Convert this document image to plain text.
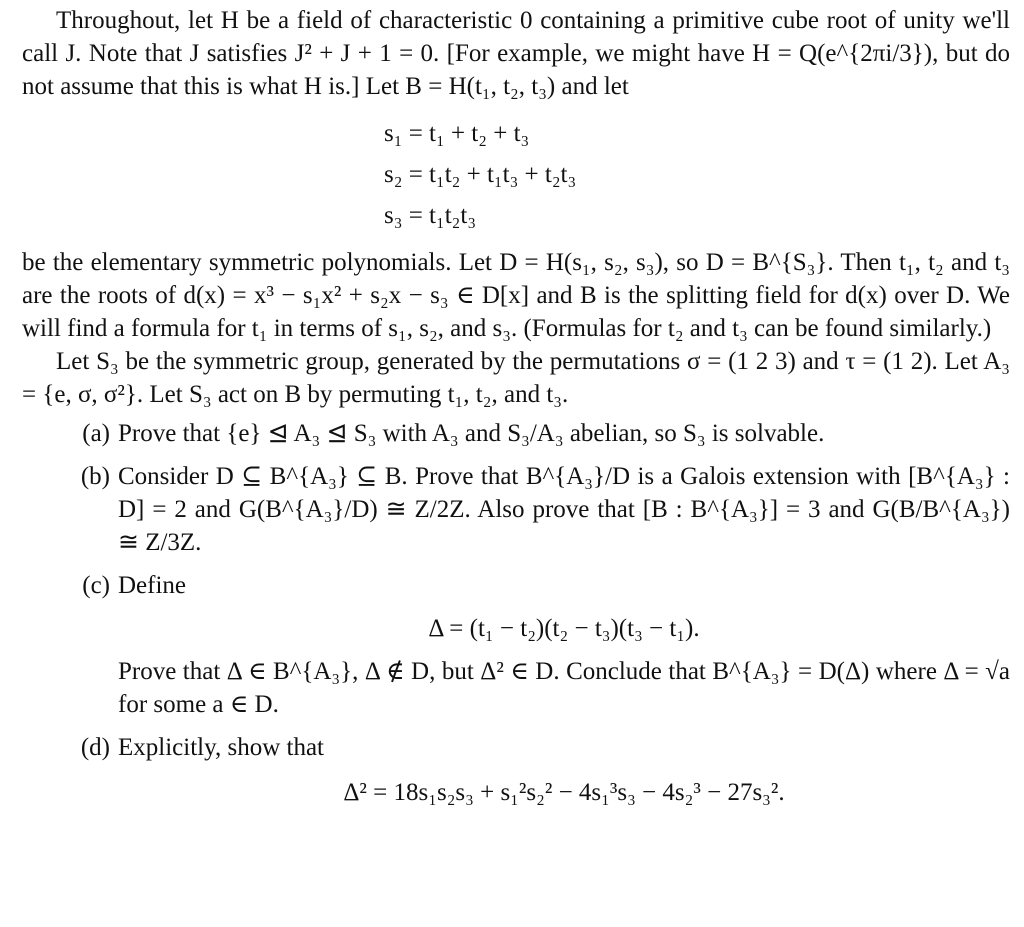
Throughout, let H be a field of characteristic 0 containing a primitive cube root of unity we'll call J. Note that J satisfies J² + J + 1 = 0. [For example, we might have H = Q(e^{2πi/3}), but do not assume that this is what H is.] Let B = H(t₁, t₂, t₃) and let

s₁ = t₁ + t₂ + t₃
s₂ = t₁t₂ + t₁t₃ + t₂t₃
s₃ = t₁t₂t₃

be the elementary symmetric polynomials. Let D = H(s₁, s₂, s₃), so D = B^{S₃}. Then t₁, t₂ and t₃ are the roots of d(x) = x³ − s₁x² + s₂x − s₃ ∈ D[x] and B is the splitting field for d(x) over D. We will find a formula for t₁ in terms of s₁, s₂, and s₃. (Formulas for t₂ and t₃ can be found similarly.)

Let S₃ be the symmetric group, generated by the permutations σ = (1 2 3) and τ = (1 2). Let A₃ = {e, σ, σ²}. Let S₃ act on B by permuting t₁, t₂, and t₃.

(a) Prove that {e} ⊴ A₃ ⊴ S₃ with A₃ and S₃/A₃ abelian, so S₃ is solvable.
(b) Consider D ⊆ B^{A₃} ⊆ B. Prove that B^{A₃}/D is a Galois extension with [B^{A₃} : D] = 2 and G(B^{A₃}/D) ≅ Z/2Z. Also prove that [B : B^{A₃}] = 3 and G(B/B^{A₃}) ≅ Z/3Z.
(c) Define
Δ = (t₁ − t₂)(t₂ − t₃)(t₃ − t₁).
Prove that Δ ∈ B^{A₃}, Δ ∉ D, but Δ² ∈ D. Conclude that B^{A₃} = D(Δ) where Δ = √a for some a ∈ D.
(d) Explicitly, show that
Δ² = 18s₁s₂s₃ + s₁²s₂² − 4s₁³s₃ − 4s₂³ − 27s₃².
